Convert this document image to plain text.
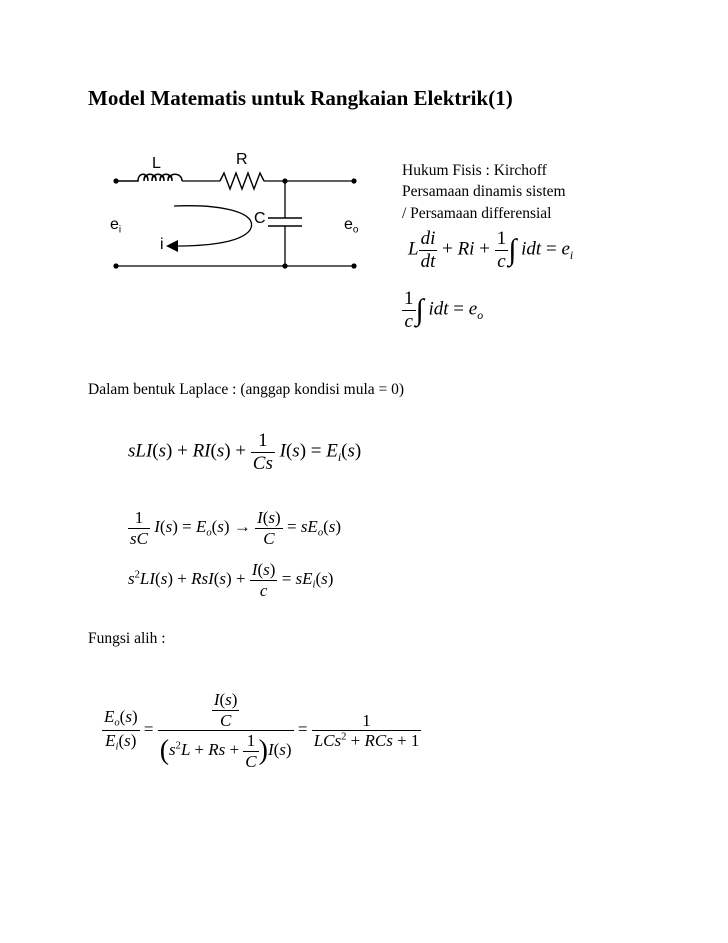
Model Matematis untuk Rangkaian Elektrik(1)
L	R
C
$e_i$	$e_o$
i
Hukum Fisis : Kirchoff
Persamaan dinamis sistem
/ Persamaan differensial
L $\frac{di}{dt} + Ri + \frac{1}{c}$ ∫ idt = $e_i$
$\frac{1}{c}$ ∫ idt = $e_o$
Dalam bentuk Laplace : (anggap kondisi mula = 0)
$sLI(s) + RI(s) + \frac{1}{Cs} I(s) = E_i(s)$
$\frac{1}{sC} I(s) = E_o(s) \to \frac{I(s)}{C} = sE_o(s)$
$s^2LI(s) + RsI(s) + \frac{I(s)}{c} = sE_i(s)$
Fungsi alih :
$\frac{E_o(s)}{E_i(s)} = \frac{\frac{I(s)}{C}}{(s^2L + Rs + \frac{1}{C} )I(s)} = \frac{1}{LCs^2 + RCs + 1}$
